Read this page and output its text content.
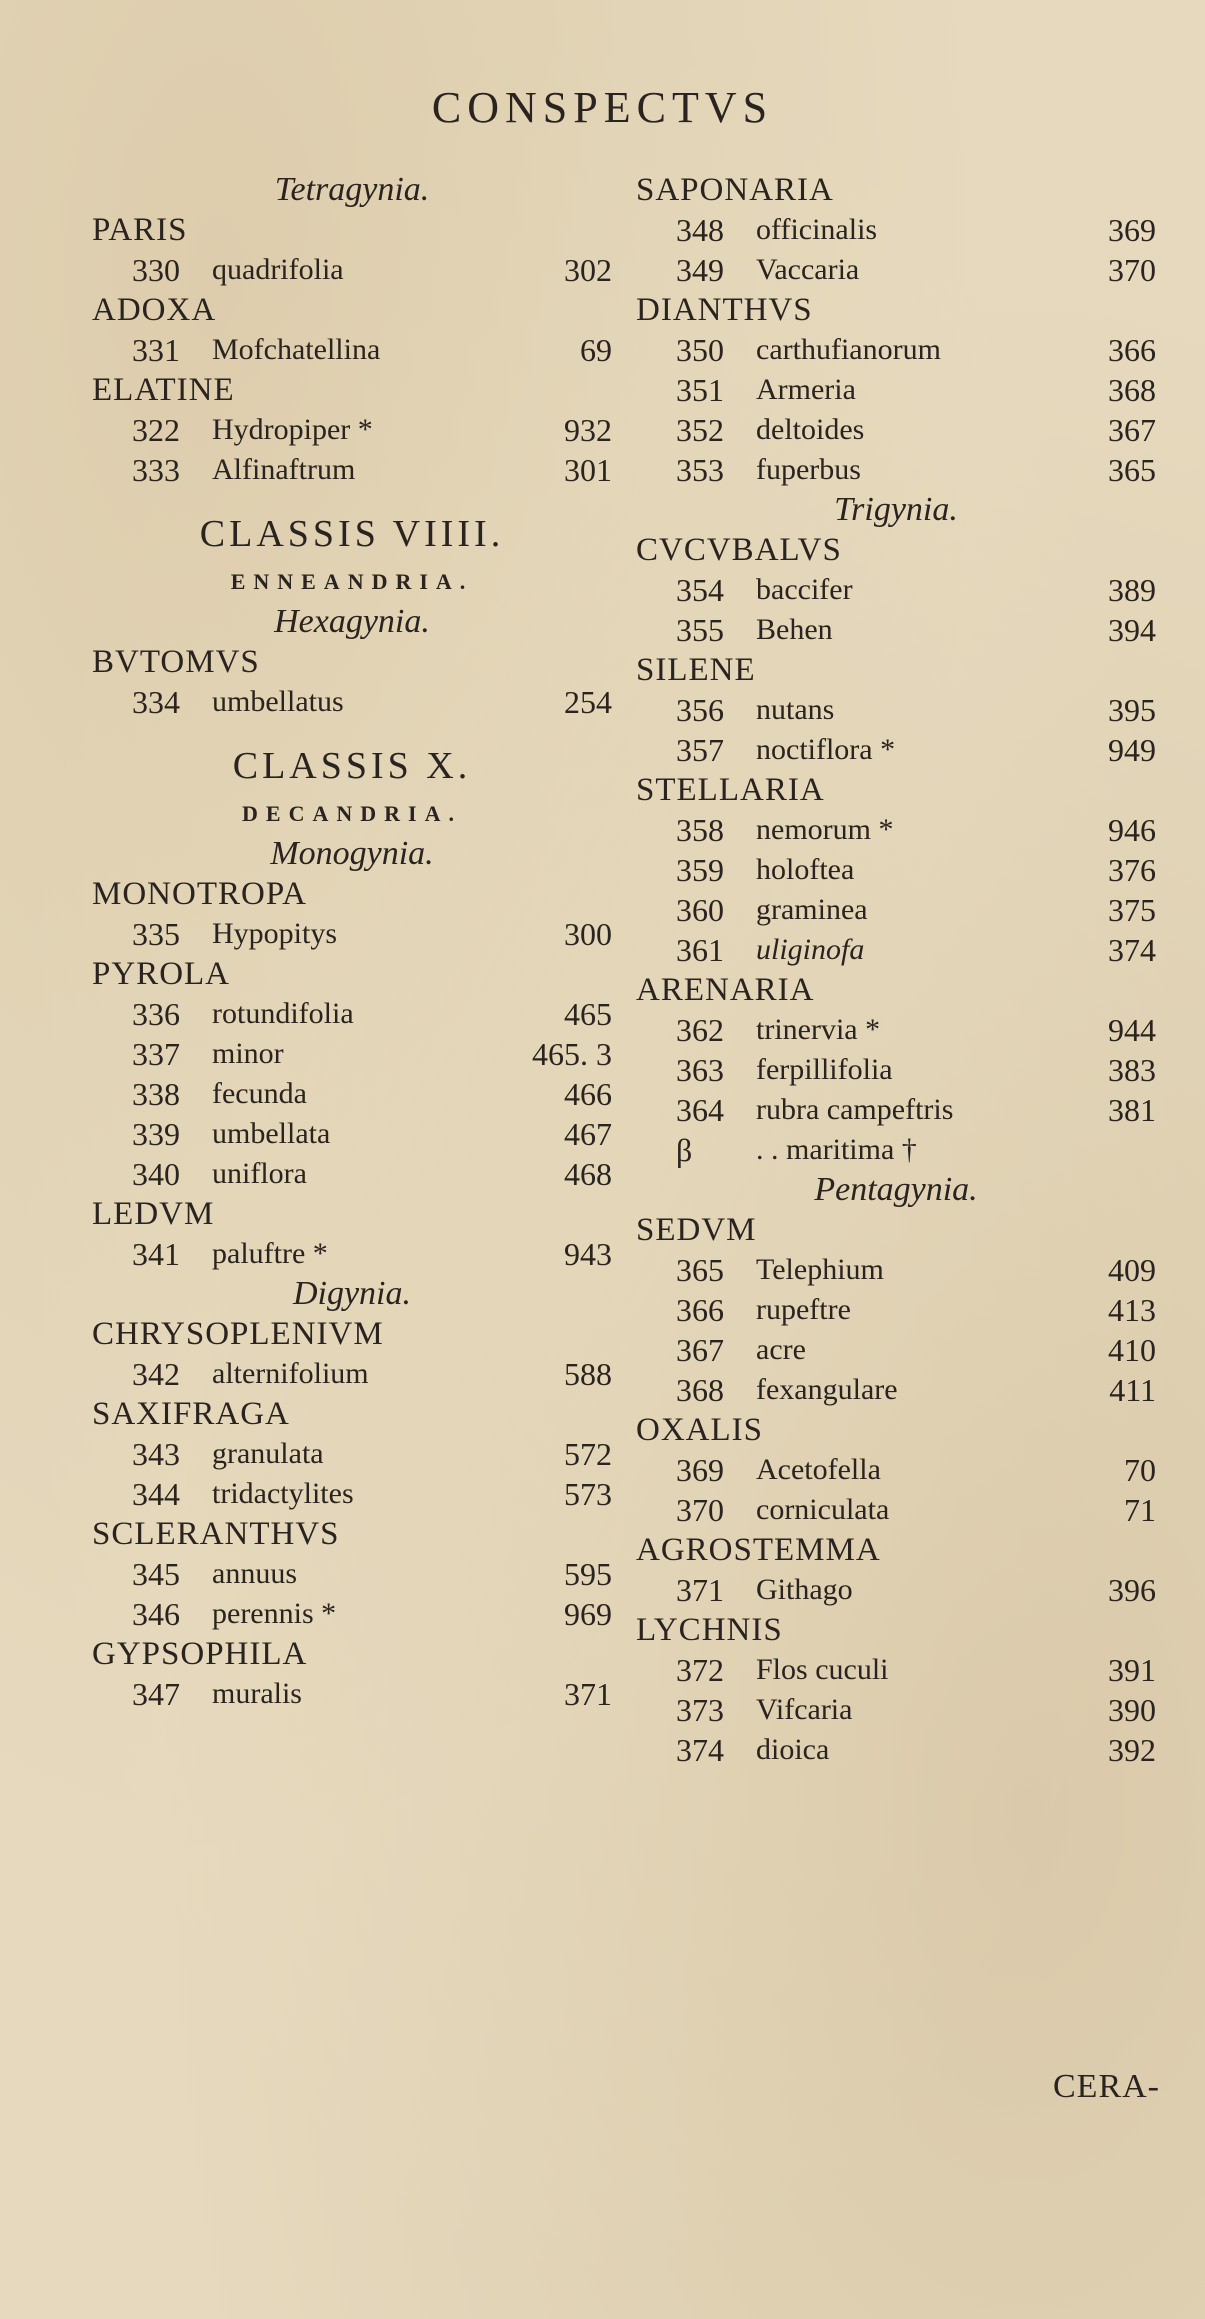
CONSPECTVS
Tetragynia.
PARIS
330 quadrifolia	302
ADOXA
331 Mofchatellina	69
ELATINE
322 Hydropiper *	932
333 Alfinaftrum	301
CLASSIS VIIII.
ENNEANDRIA.
Hexagynia.
BVTOMVS
334 umbellatus	254
CLASSIS X.
DECANDRIA.
Monogynia.
MONOTROPA
335 Hypopitys	300
PYROLA
336 rotundifolia	465
337 minor	465. 3
338 fecunda	466
339 umbellata	467
340 uniflora	468
LEDVM
341 paluftre *	943
Digynia.
CHRYSOPLENIVM
342 alternifolium	588
SAXIFRAGA
343 granulata	572
344 tridactylites	573
SCLERANTHVS
345 annuus	595
346 perennis *	969
GYPSOPHILA
347 muralis	371
SAPONARIA
348 officinalis	369
349 Vaccaria	370
DIANTHVS
350 carthufianorum	366
351 Armeria	368
352 deltoides	367
353 fuperbus	365
Trigynia.
CVCVBALVS
354 baccifer	389
355 Behen	394
SILENE
356 nutans	395
357 noctiflora *	949
STELLARIA
358 nemorum *	946
359 holoftea	376
360 graminea	375
361 uliginofa	374
ARENARIA
362 trinervia *	944
363 ferpillifolia	383
364 rubra campeftris	381
β . . maritima †
Pentagynia.
SEDVM
365 Telephium	409
366 rupeftre	413
367 acre	410
368 fexangulare	411
OXALIS
369 Acetofella	70
370 corniculata	71
AGROSTEMMA
371 Githago	396
LYCHNIS
372 Flos cuculi	391
373 Vifcaria	390
374 dioica	392
CERA-
